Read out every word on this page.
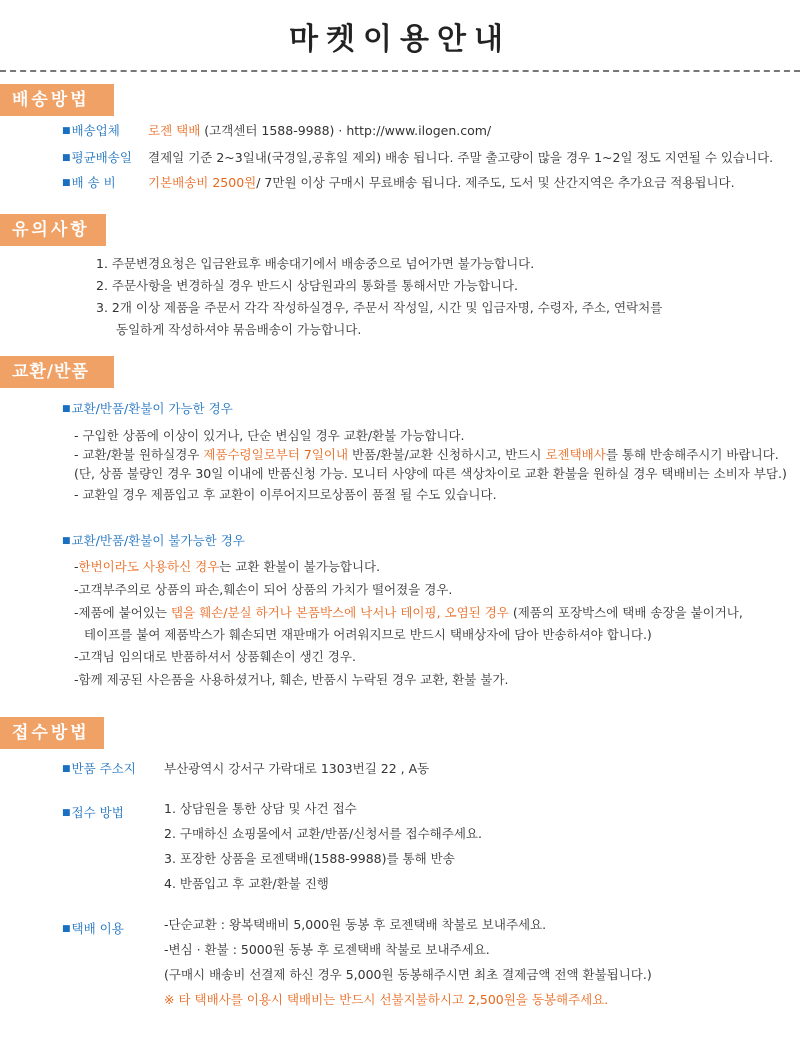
마켓이용안내
배송방법
■배송업체 로젠 택배 (고객센터 1588-9988) · http://www.ilogen.com/
■평균배송일 결제일 기준 2~3일내(국경일,공휴일 제외) 배송 됩니다. 주말 출고량이 많을 경우 1~2일 정도 지연될 수 있습니다.
■배 송 비	기본배송비 2500원/ 7만원 이상 구매시 무료배송 됩니다. 제주도, 도서 및 산간지역은 추가요금 적용됩니다.
유의사항
1. 주문변경요청은 입금완료후 배송대기에서 배송중으로 넘어가면 불가능합니다.
2. 주문사항을 변경하실 경우 반드시 상담원과의 통화를 통해서만 가능합니다.
3. 2개 이상 제품을 주문서 각각 작성하실경우, 주문서 작성일, 시간 및 입금자명, 수령자, 주소, 연락처를
동일하게 작성하셔야 묶음배송이 가능합니다.
교환/반품
■교환/반품/환불이 가능한 경우
- 구입한 상품에 이상이 있거나, 단순 변심일 경우 교환/환불 가능합니다.
- 교환/환불 원하실경우 제품수령일로부터 7일이내 반품/환불/교환 신청하시고, 반드시 로젠택배사를 통해 반송해주시기 바랍니다.
(단, 상품 불량인 경우 30일 이내에 반품신청 가능. 모니터 사양에 따른 색상차이로 교환 환불을 원하실 경우 택배비는 소비자 부담.)
- 교환일 경우 제품입고 후 교환이 이루어지므로상품이 품절 될 수도 있습니다.
■교환/반품/환불이 불가능한 경우
-한번이라도 사용하신 경우는 교환 환불이 불가능합니다.
-고객부주의로 상품의 파손,훼손이 되어 상품의 가치가 떨어졌을 경우.
-제품에 붙어있는 탭을 훼손/분실 하거나 본품박스에 낙서나 테이핑, 오염된 경우 (제품의 포장박스에 택배 송장을 붙이거나,
테이프를 붙여 제품박스가 훼손되면 재판매가 어려워지므로 반드시 택배상자에 담아 반송하셔야 합니다.)
-고객님 임의대로 반품하셔서 상품훼손이 생긴 경우.
-함께 제공된 사은품을 사용하셨거나, 훼손, 반품시 누락된 경우 교환, 환불 불가.
접수방법
■반품 주소지 부산광역시 강서구 가락대로 1303번길 22 , A동
■접수 방법	1. 상담원을 통한 상담 및 사건 접수
2. 구매하신 쇼핑몰에서 교환/반품/신청서를 접수해주세요.
3. 포장한 상품을 로젠택배(1588-9988)를 통해 반송
4. 반품입고 후 교환/환불 진행
■택배 이용	-단순교환 : 왕복택배비 5,000원 동봉 후 로젠택배 착불로 보내주세요.
-변심 · 환불 : 5000원 동봉 후 로젠택배 착불로 보내주세요.
(구매시 배송비 선결제 하신 경우 5,000원 동봉해주시면 최초 결제금액 전액 환불됩니다.)
※ 타 택배사를 이용시 택배비는 반드시 선불지불하시고 2,500원을 동봉해주세요.
